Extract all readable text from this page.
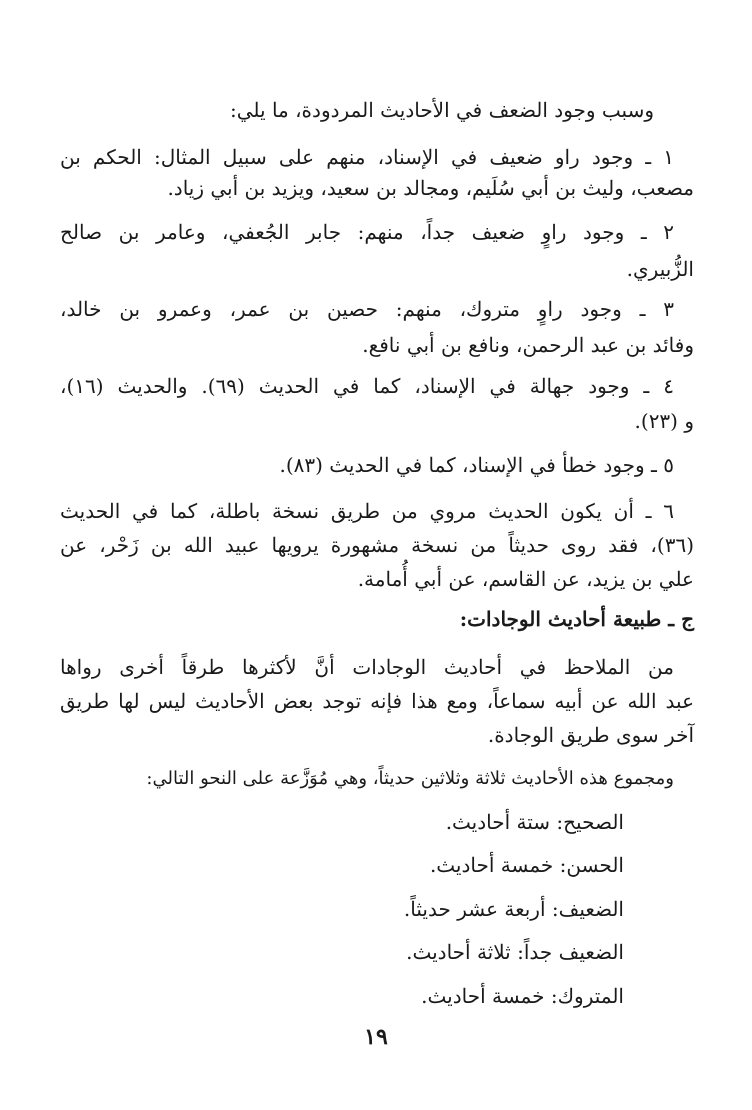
وسبب وجود الضعف في الأحاديث المردودة، ما يلي:
١ ـ وجود راو ضعيف في الإسناد، منهم على سبيل المثال: الحكم بن
مصعب، وليث بن أبي سُلَيم، ومجالد بن سعيد، ويزيد بن أبي زياد.
٢ ـ وجود راوٍ ضعيف جداً، منهم: جابر الجُعفي، وعامر بن صالح
الزُّبيري.
٣ ـ وجود راوٍ متروك، منهم: حصين بن عمر، وعمرو بن خالد،
وفائد بن عبد الرحمن، ونافع بن أبي نافع.
٤ ـ وجود جهالة في الإسناد، كما في الحديث (٦٩). والحديث (١٦)،
و (٢٣).
٥ ـ وجود خطأ في الإسناد، كما في الحديث (٨٣).
٦ ـ أن يكون الحديث مروي من طريق نسخة باطلة، كما في الحديث
(٣٦)، فقد روى حديثاً من نسخة مشهورة يرويها عبيد الله بن زَحْر، عن
علي بن يزيد، عن القاسم، عن أبي أُمامة.
ج ـ طبيعة أحاديث الوجادات:
من الملاحظ في أحاديث الوجادات أنَّ لأكثرها طرقاً أخرى رواها
عبد الله عن أبيه سماعاً، ومع هذا فإنه توجد بعض الأحاديث ليس لها طريق
آخر سوى طريق الوجادة.
ومجموع هذه الأحاديث ثلاثة وثلاثين حديثاً، وهي مُوَزَّعة على النحو التالي:
الصحيح: ستة أحاديث.
الحسن: خمسة أحاديث.
الضعيف: أربعة عشر حديثاً.
الضعيف جداً: ثلاثة أحاديث.
المتروك: خمسة أحاديث.
١٩
